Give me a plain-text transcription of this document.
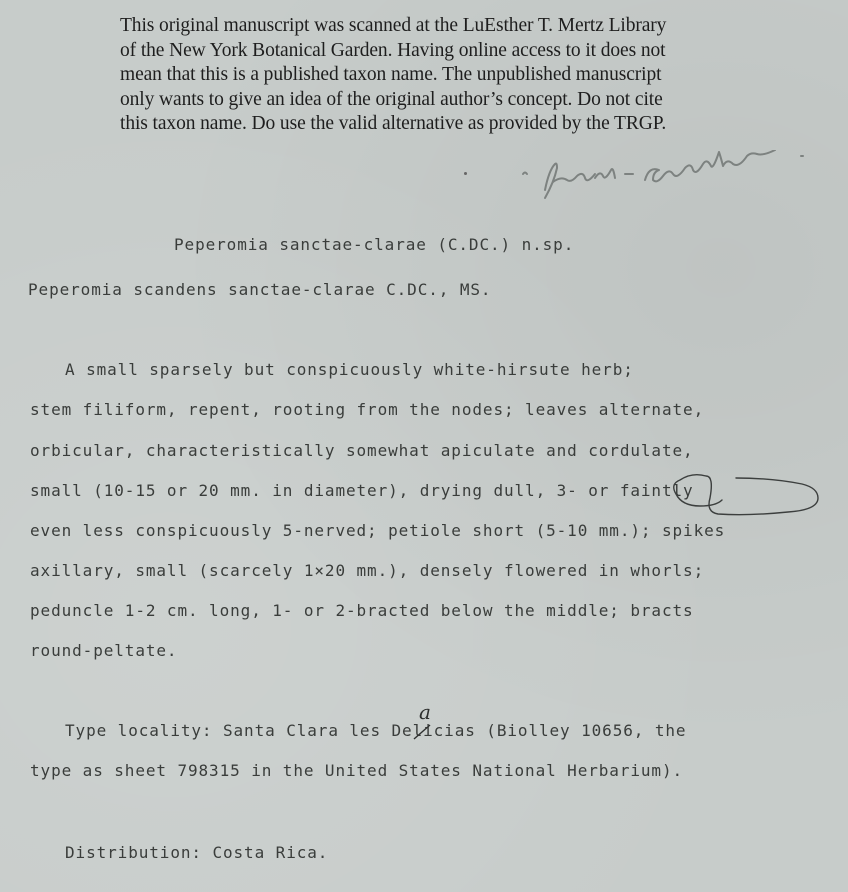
This original manuscript was scanned at the LuEsther T. Mertz Library
of the New York Botanical Garden. Having online access to it does not
mean that this is a published taxon name. The unpublished manuscript
only wants to give an idea of the original author’s concept. Do not cite
this taxon name. Do use the valid alternative as provided by the TRGP.
Peperomia sanctae-clarae (C.DC.) n.sp.
Peperomia scandens sanctae-clarae C.DC., MS.
A small sparsely but conspicuously white-hirsute herb;
stem filiform, repent, rooting from the nodes; leaves alternate,
orbicular, characteristically somewhat apiculate and cordulate,
small (10-15 or 20 mm. in diameter), drying dull, 3- or faintly
even less conspicuously 5-nerved; petiole short (5-10 mm.); spikes
axillary, small (scarcely 1×20 mm.), densely flowered in whorls;
peduncle 1-2 cm. long, 1- or 2-bracted below the middle; bracts
round-peltate.
Type locality: Santa Clara les Delicias (Biolley 10656, the
type as sheet 798315 in the United States National Herbarium).
a
Distribution: Costa Rica.
